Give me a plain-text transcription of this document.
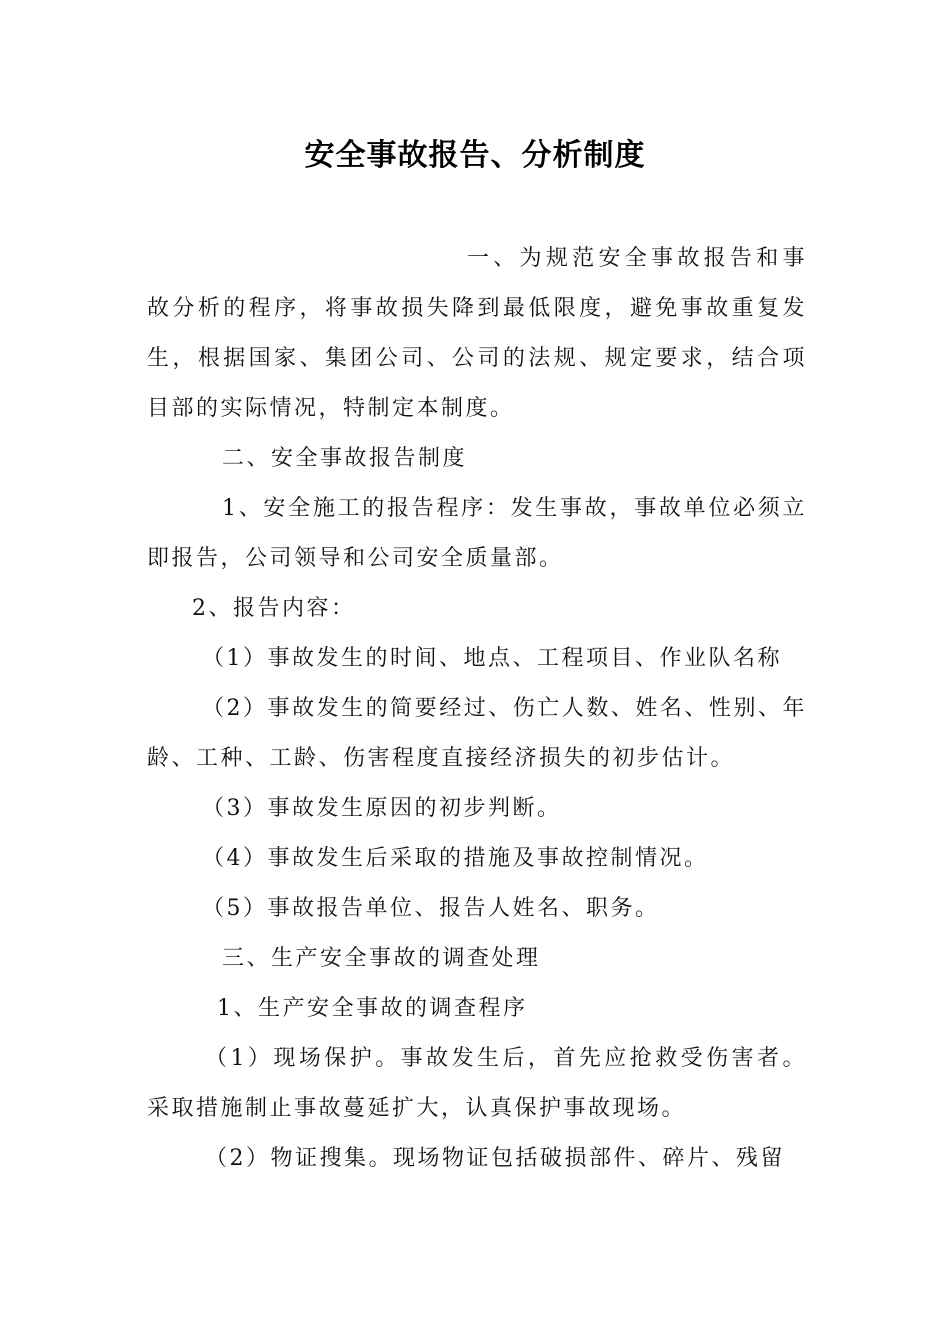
安全事故报告、分析制度

一、为规范安全事故报告和事故分析的程序，将事故损失降到最低限度，避免事故重复发生，根据国家、集团公司、公司的法规、规定要求，结合项目部的实际情况，特制定本制度。

二、安全事故报告制度

1、安全施工的报告程序：发生事故，事故单位必须立即报告，公司领导和公司安全质量部。

2、报告内容：

（1）事故发生的时间、地点、工程项目、作业队名称

（2）事故发生的简要经过、伤亡人数、姓名、性别、年龄、工种、工龄、伤害程度直接经济损失的初步估计。

（3）事故发生原因的初步判断。

（4）事故发生后采取的措施及事故控制情况。

（5）事故报告单位、报告人姓名、职务。

三、生产安全事故的调查处理

1、生产安全事故的调查程序

（1）现场保护。事故发生后，首先应抢救受伤害者。采取措施制止事故蔓延扩大，认真保护事故现场。

（2）物证搜集。现场物证包括破损部件、碎片、残留
